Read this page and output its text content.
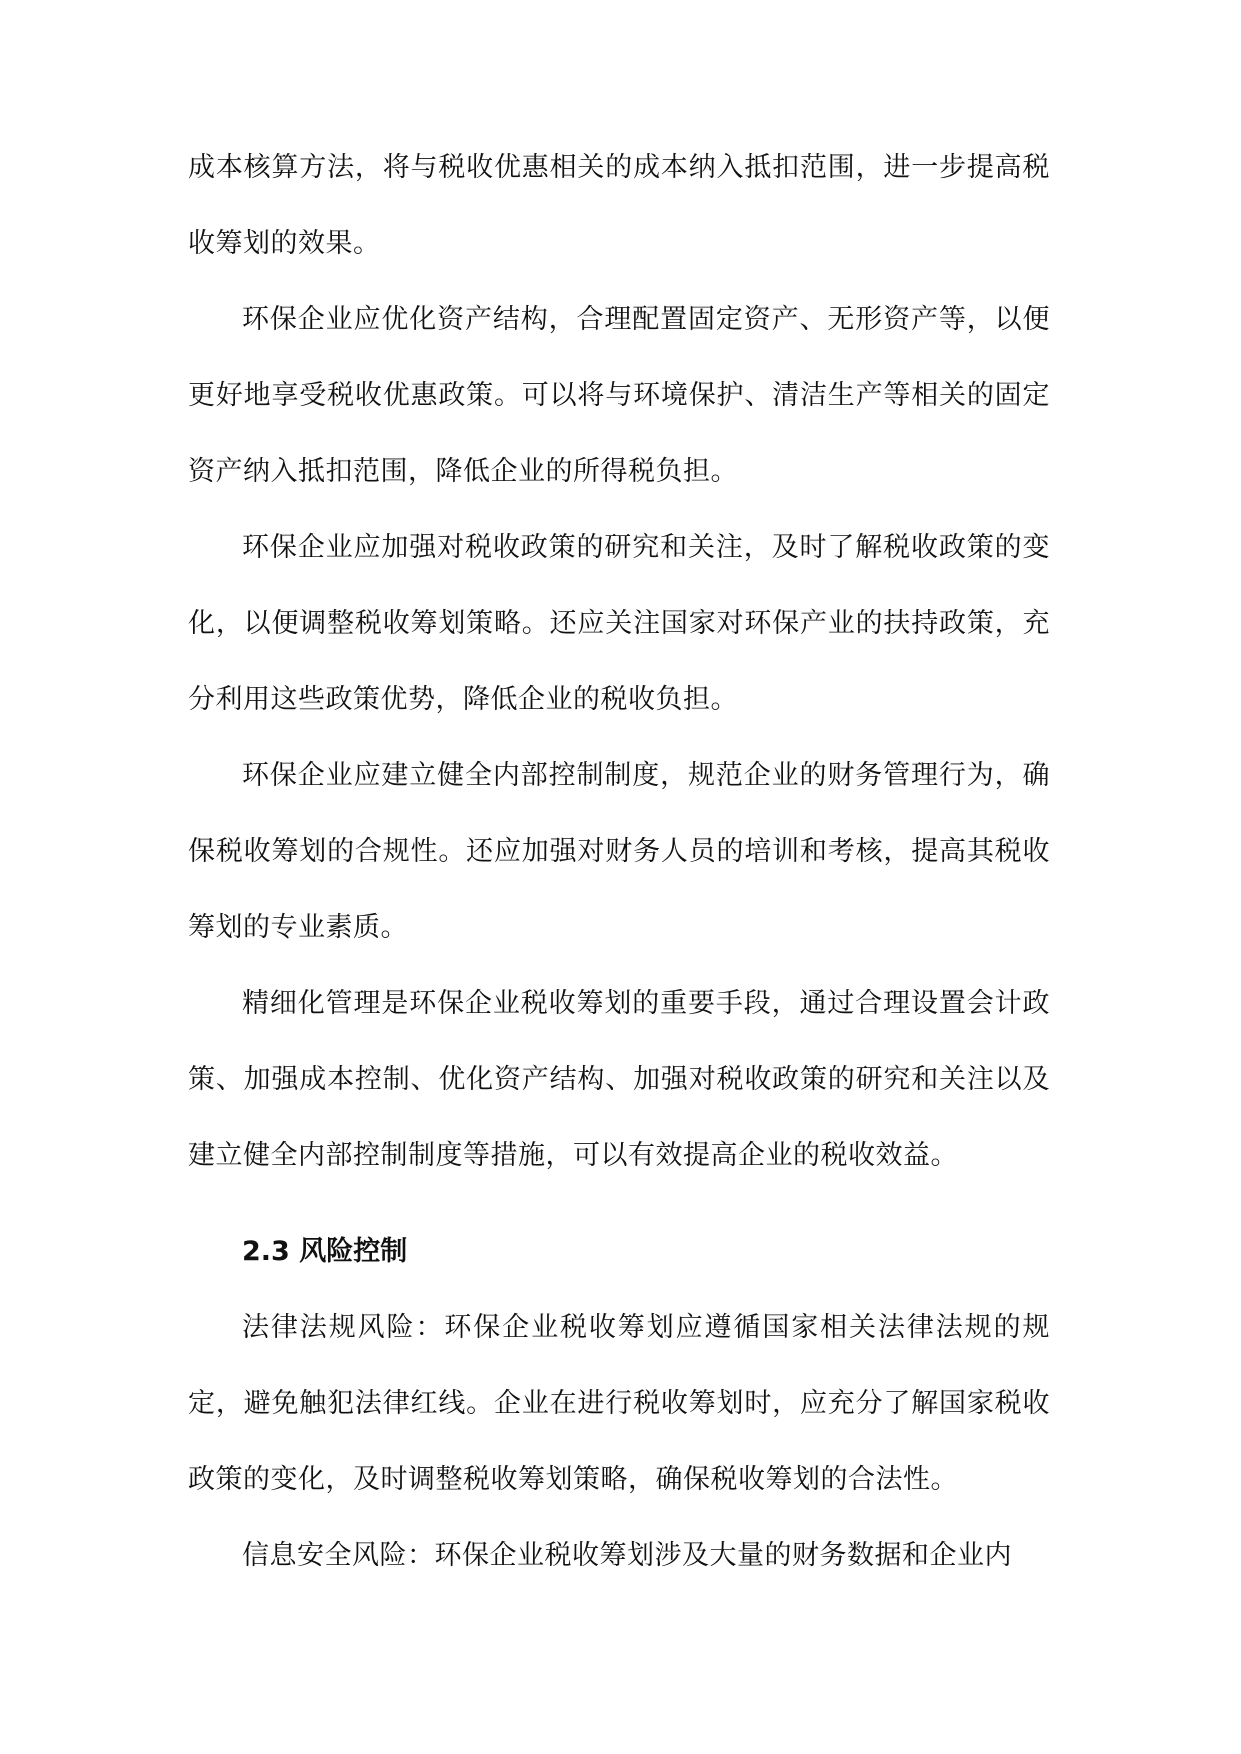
成本核算方法，将与税收优惠相关的成本纳入抵扣范围，进一步提高税收筹划的效果。

环保企业应优化资产结构，合理配置固定资产、无形资产等，以便更好地享受税收优惠政策。可以将与环境保护、清洁生产等相关的固定资产纳入抵扣范围，降低企业的所得税负担。

环保企业应加强对税收政策的研究和关注，及时了解税收政策的变化，以便调整税收筹划策略。还应关注国家对环保产业的扶持政策，充分利用这些政策优势，降低企业的税收负担。

环保企业应建立健全内部控制制度，规范企业的财务管理行为，确保税收筹划的合规性。还应加强对财务人员的培训和考核，提高其税收筹划的专业素质。

精细化管理是环保企业税收筹划的重要手段，通过合理设置会计政策、加强成本控制、优化资产结构、加强对税收政策的研究和关注以及建立健全内部控制制度等措施，可以有效提高企业的税收效益。

2.3 风险控制

法律法规风险：环保企业税收筹划应遵循国家相关法律法规的规定，避免触犯法律红线。企业在进行税收筹划时，应充分了解国家税收政策的变化，及时调整税收筹划策略，确保税收筹划的合法性。

信息安全风险：环保企业税收筹划涉及大量的财务数据和企业内
